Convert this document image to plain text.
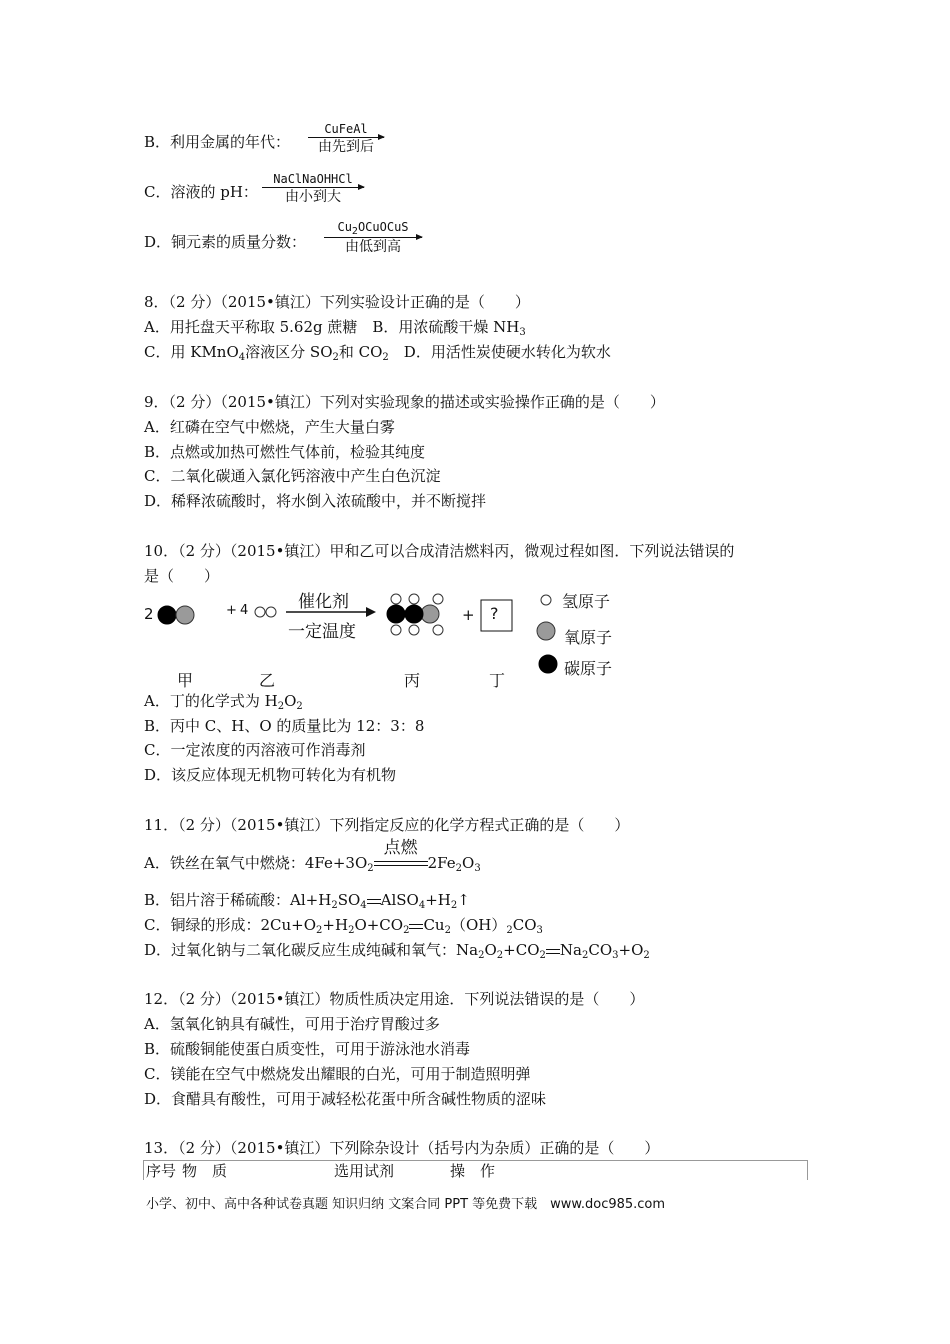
B．利用金属的年代：
CuFeAl
由先到后
C．溶液的 pH：
NaClNaOHHCl
由小到大
D．铜元素的质量分数：
$Cu_2OCuOCuS$
由低到高
8．（2 分）（2015•镇江）下列实验设计正确的是（　　）
A．用托盘天平称取 5.62g 蔗糖　B．用浓硫酸干燥 $NH_3$
C．用 KMnO$_4$溶液区分 $SO_2$和 $CO_2$　D．用活性炭使硬水转化为软水
9．（2 分）（2015•镇江）下列对实验现象的描述或实验操作正确的是（　　）
A．红磷在空气中燃烧，产生大量白雾
B．点燃或加热可燃性气体前，检验其纯度
C．二氧化碳通入氯化钙溶液中产生白色沉淀
D．稀释浓硫酸时，将水倒入浓硫酸中，并不断搅拌
10．（2 分）（2015•镇江）甲和乙可以合成清洁燃料丙，微观过程如图．下列说法错误的
是（　　）
2	+ 4	催化剂
一定温度
+ ?
氢原子
氧原子
碳原子
甲	乙	丙	丁
A．丁的化学式为 $H_2O_2$
B．丙中 C、H、O 的质量比为 12：3：8
C．一定浓度的丙溶液可作消毒剂
D．该反应体现无机物可转化为有机物
11．（2 分）（2015•镇江）下列指定反应的化学方程式正确的是（　　）
A．铁丝在氧气中燃烧：$4Fe+3O_2$
点燃
$2Fe_2O_3$
B．铝片溶于稀硫酸：$Al+H_2SO_4$ $AlSO_4+H_2↑$
C．铜绿的形成：$2Cu+O_2+H_2O+CO_2$ $Cu_2(OH)_2CO_3$
D．过氧化钠与二氧化碳反应生成纯碱和氧气：$Na_2O_2+CO_2$ $Na_2CO_3+O_2$
12．（2 分）（2015•镇江）物质性质决定用途．下列说法错误的是（　　）
A．氢氧化钠具有碱性，可用于治疗胃酸过多
B．硫酸铜能使蛋白质变性，可用于游泳池水消毒
C．镁能在空气中燃烧发出耀眼的白光，可用于制造照明弹
D．食醋具有酸性，可用于减轻松花蛋中所含碱性物质的涩味
13．（2 分）（2015•镇江）下列除杂设计（括号内为杂质）正确的是（　　）
序号 物　质	选用试剂	操　作
小学、初中、高中各种试卷真题 知识归纳 文案合同 PPT 等免费下载　www.doc985.com
